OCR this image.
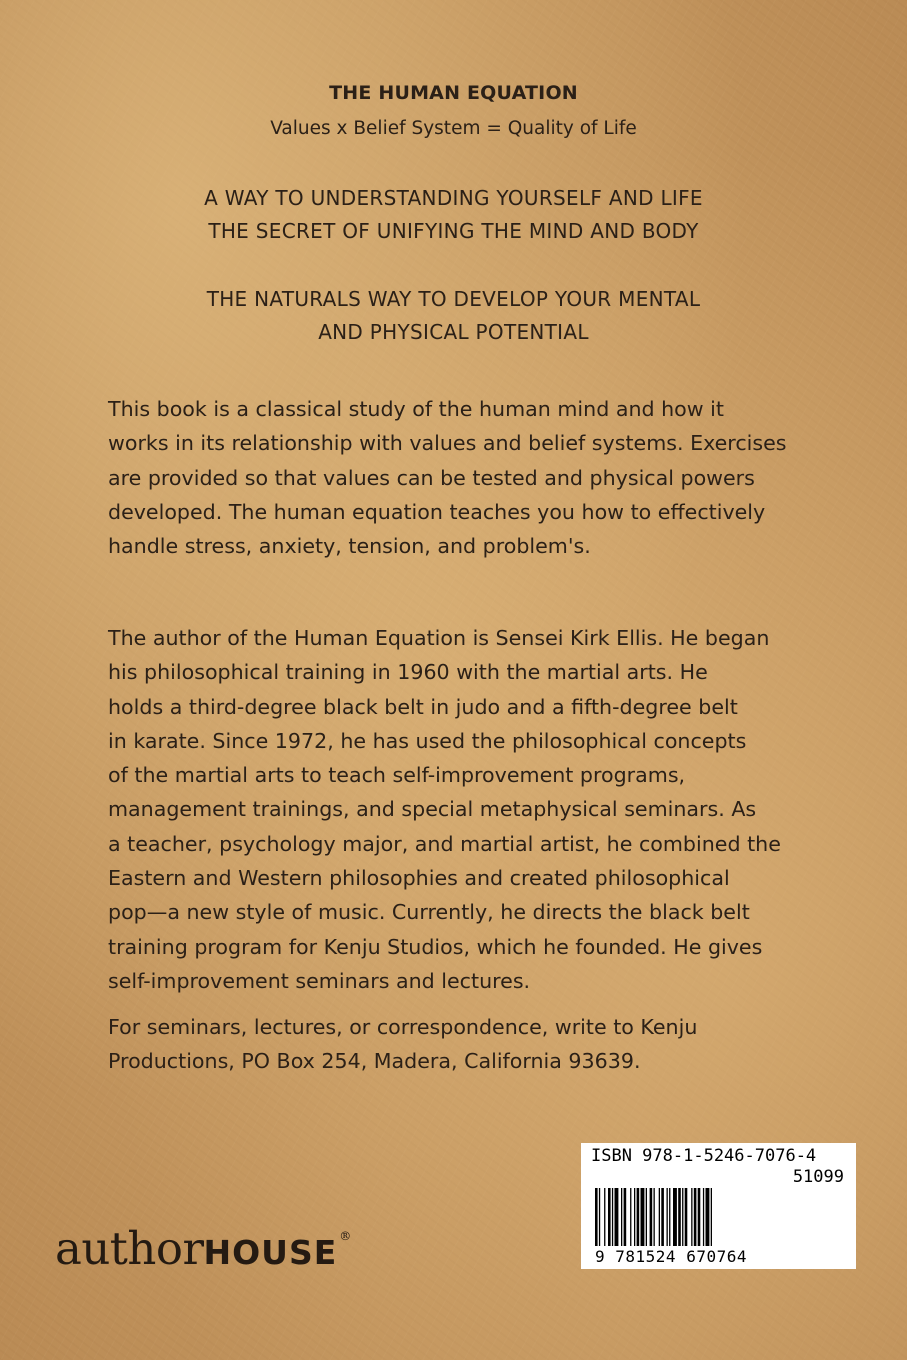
THE HUMAN EQUATION
Values x Belief System = Quality of Life
A WAY TO UNDERSTANDING YOURSELF AND LIFE
THE SECRET OF UNIFYING THE MIND AND BODY
THE NATURALS WAY TO DEVELOP YOUR MENTAL
AND PHYSICAL POTENTIAL

This book is a classical study of the human mind and how it
works in its relationship with values and belief systems. Exercises
are provided so that values can be tested and physical powers
developed. The human equation teaches you how to effectively
handle stress, anxiety, tension, and problem's.

The author of the Human Equation is Sensei Kirk Ellis. He began
his philosophical training in 1960 with the martial arts. He
holds a third-degree black belt in judo and a fifth-degree belt
in karate. Since 1972, he has used the philosophical concepts
of the martial arts to teach self-improvement programs,
management trainings, and special metaphysical seminars. As
a teacher, psychology major, and martial artist, he combined the
Eastern and Western philosophies and created philosophical
pop—a new style of music. Currently, he directs the black belt
training program for Kenju Studios, which he founded. He gives
self-improvement seminars and lectures.

For seminars, lectures, or correspondence, write to Kenju
Productions, PO Box 254, Madera, California 93639.

authorHOUSE ®
ISBN 978-1-5246-7076-4
51099
9 781524 670764
